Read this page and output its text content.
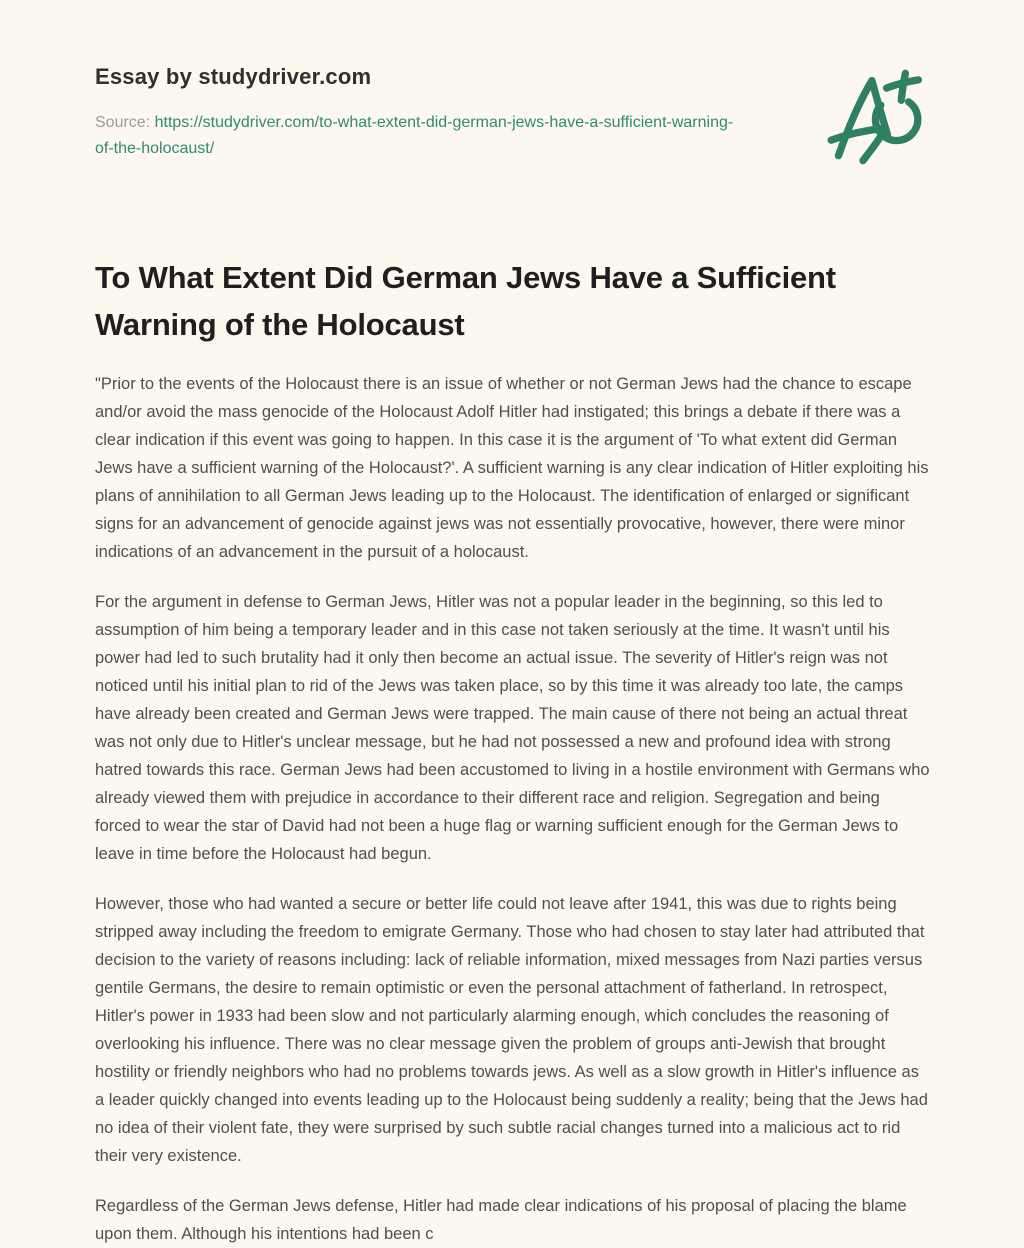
Essay by studydriver.com
Source: https://studydriver.com/to-what-extent-did-german-jews-have-a-sufficient-warning-of-the-holocaust/
To What Extent Did German Jews Have a Sufficient Warning of the Holocaust

"Prior to the events of the Holocaust there is an issue of whether or not German Jews had the chance to escape and/or avoid the mass genocide of the Holocaust Adolf Hitler had instigated; this brings a debate if there was a clear indication if this event was going to happen. In this case it is the argument of 'To what extent did German Jews have a sufficient warning of the Holocaust?'. A sufficient warning is any clear indication of Hitler exploiting his plans of annihilation to all German Jews leading up to the Holocaust. The identification of enlarged or significant signs for an advancement of genocide against jews was not essentially provocative, however, there were minor indications of an advancement in the pursuit of a holocaust.

For the argument in defense to German Jews, Hitler was not a popular leader in the beginning, so this led to assumption of him being a temporary leader and in this case not taken seriously at the time. It wasn't until his power had led to such brutality had it only then become an actual issue. The severity of Hitler's reign was not noticed until his initial plan to rid of the Jews was taken place, so by this time it was already too late, the camps have already been created and German Jews were trapped. The main cause of there not being an actual threat was not only due to Hitler's unclear message, but he had not possessed a new and profound idea with strong hatred towards this race. German Jews had been accustomed to living in a hostile environment with Germans who already viewed them with prejudice in accordance to their different race and religion. Segregation and being forced to wear the star of David had not been a huge flag or warning sufficient enough for the German Jews to leave in time before the Holocaust had begun.

However, those who had wanted a secure or better life could not leave after 1941, this was due to rights being stripped away including the freedom to emigrate Germany. Those who had chosen to stay later had attributed that decision to the variety of reasons including: lack of reliable information, mixed messages from Nazi parties versus gentile Germans, the desire to remain optimistic or even the personal attachment of fatherland. In retrospect, Hitler's power in 1933 had been slow and not particularly alarming enough, which concludes the reasoning of overlooking his influence. There was no clear message given the problem of groups anti-Jewish that brought hostility or friendly neighbors who had no problems towards jews. As well as a slow growth in Hitler's influence as a leader quickly changed into events leading up to the Holocaust being suddenly a reality; being that the Jews had no idea of their violent fate, they were surprised by such subtle racial changes turned into a malicious act to rid their very existence.

Regardless of the German Jews defense, Hitler had made clear indications of his proposal of placing the blame upon them. Although his intentions had been c
